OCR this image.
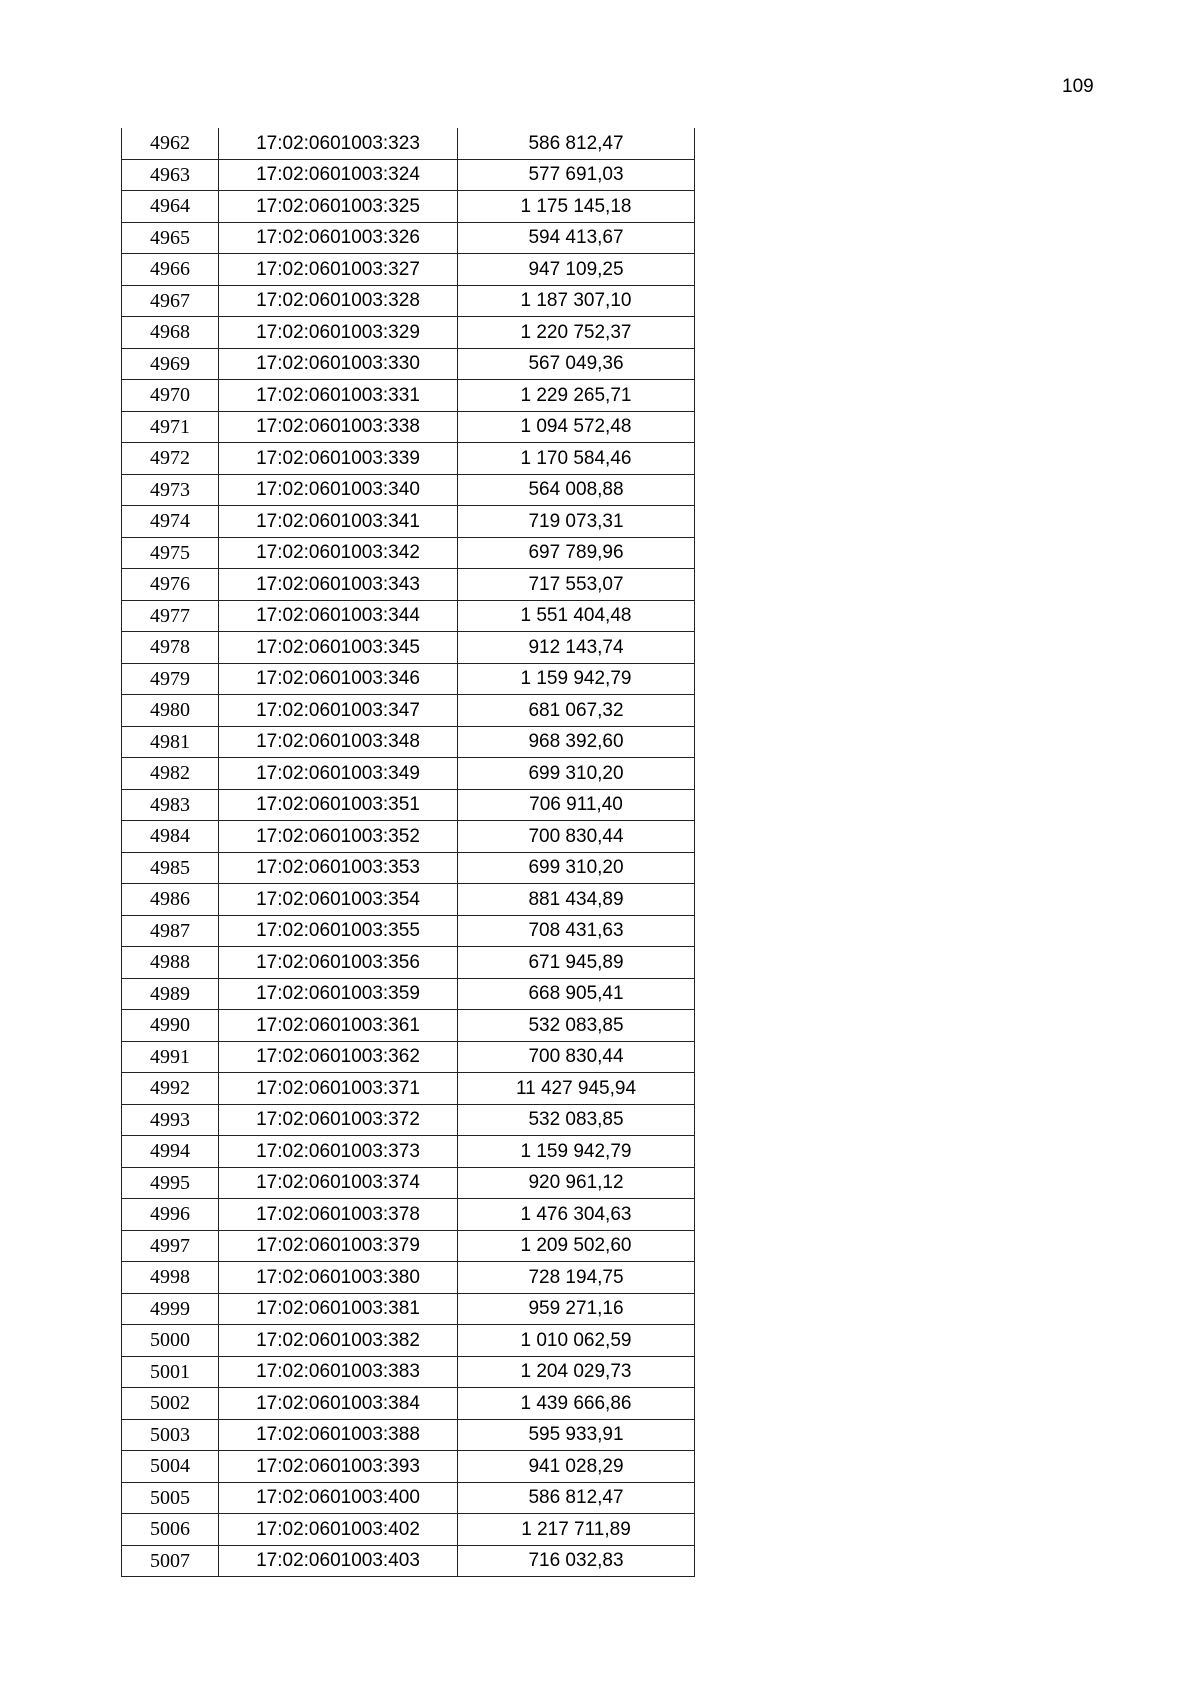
109
4962	17:02:0601003:323	586 812,47
4963	17:02:0601003:324	577 691,03
4964	17:02:0601003:325	1 175 145,18
4965	17:02:0601003:326	594 413,67
4966	17:02:0601003:327	947 109,25
4967	17:02:0601003:328	1 187 307,10
4968	17:02:0601003:329	1 220 752,37
4969	17:02:0601003:330	567 049,36
4970	17:02:0601003:331	1 229 265,71
4971	17:02:0601003:338	1 094 572,48
4972	17:02:0601003:339	1 170 584,46
4973	17:02:0601003:340	564 008,88
4974	17:02:0601003:341	719 073,31
4975	17:02:0601003:342	697 789,96
4976	17:02:0601003:343	717 553,07
4977	17:02:0601003:344	1 551 404,48
4978	17:02:0601003:345	912 143,74
4979	17:02:0601003:346	1 159 942,79
4980	17:02:0601003:347	681 067,32
4981	17:02:0601003:348	968 392,60
4982	17:02:0601003:349	699 310,20
4983	17:02:0601003:351	706 911,40
4984	17:02:0601003:352	700 830,44
4985	17:02:0601003:353	699 310,20
4986	17:02:0601003:354	881 434,89
4987	17:02:0601003:355	708 431,63
4988	17:02:0601003:356	671 945,89
4989	17:02:0601003:359	668 905,41
4990	17:02:0601003:361	532 083,85
4991	17:02:0601003:362	700 830,44
4992	17:02:0601003:371	11 427 945,94
4993	17:02:0601003:372	532 083,85
4994	17:02:0601003:373	1 159 942,79
4995	17:02:0601003:374	920 961,12
4996	17:02:0601003:378	1 476 304,63
4997	17:02:0601003:379	1 209 502,60
4998	17:02:0601003:380	728 194,75
4999	17:02:0601003:381	959 271,16
5000	17:02:0601003:382	1 010 062,59
5001	17:02:0601003:383	1 204 029,73
5002	17:02:0601003:384	1 439 666,86
5003	17:02:0601003:388	595 933,91
5004	17:02:0601003:393	941 028,29
5005	17:02:0601003:400	586 812,47
5006	17:02:0601003:402	1 217 711,89
5007	17:02:0601003:403	716 032,83
